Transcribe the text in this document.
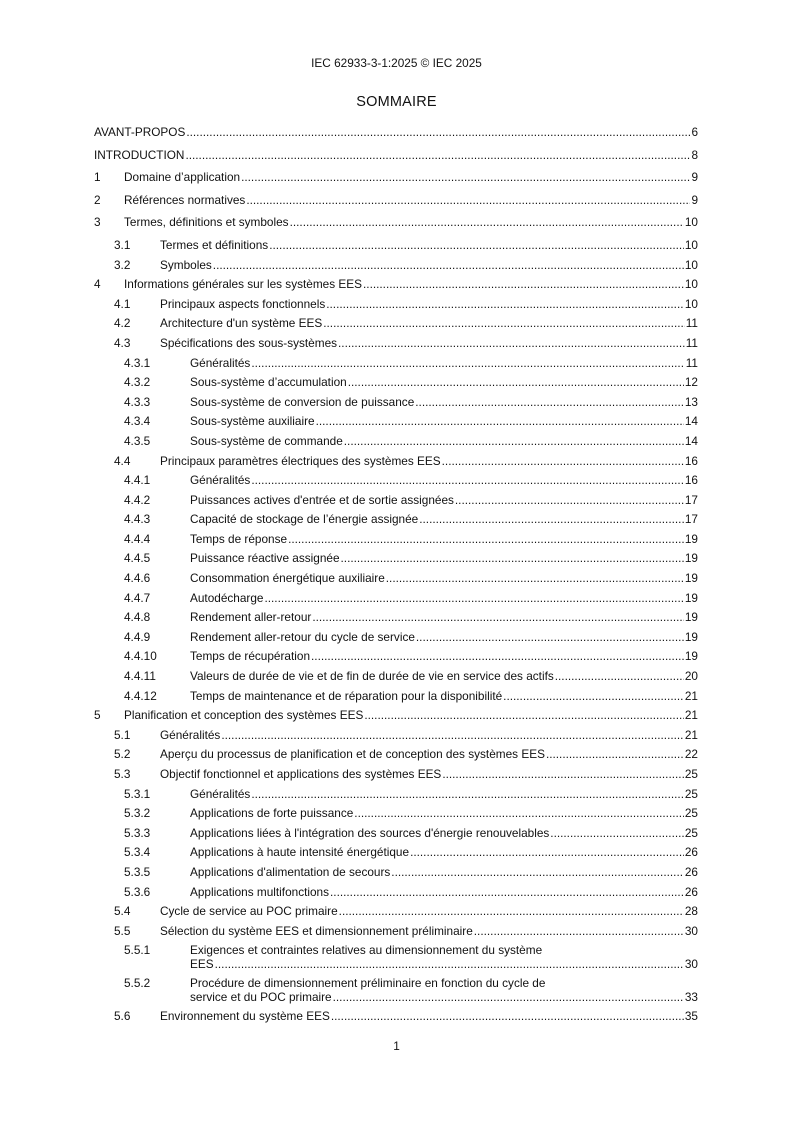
IEC 62933-3-1:2025 © IEC 2025
SOMMAIRE
AVANT-PROPOS .....	6
INTRODUCTION .....	8
1 Domaine d’application .....	9
2 Références normatives .....	9
3 Termes, définitions et symboles .....	10
3.1	Termes et définitions .....	10
3.2	Symboles .....	10
4 Informations générales sur les systèmes EES .....	10
4.1	Principaux aspects fonctionnels .....	10
4.2	Architecture d'un système EES .....	11
4.3	Spécifications des sous-systèmes .....	11
4.3.1	Généralités .....	11
4.3.2	Sous-système d’accumulation .....	12
4.3.3	Sous-système de conversion de puissance .....	13
4.3.4	Sous-système auxiliaire .....	14
4.3.5	Sous-système de commande .....	14
4.4	Principaux paramètres électriques des systèmes EES .....	16
4.4.1	Généralités .....	16
4.4.2	Puissances actives d'entrée et de sortie assignées .....	17
4.4.3	Capacité de stockage de l’énergie assignée .....	17
4.4.4	Temps de réponse .....	19
4.4.5	Puissance réactive assignée .....	19
4.4.6	Consommation énergétique auxiliaire .....	19
4.4.7	Autodécharge .....	19
4.4.8	Rendement aller-retour .....	19
4.4.9	Rendement aller-retour du cycle de service .....	19
4.4.10	Temps de récupération .....	19
4.4.11	Valeurs de durée de vie et de fin de durée de vie en service des actifs .....	20
4.4.12	Temps de maintenance et de réparation pour la disponibilité .....	21
5 Planification et conception des systèmes EES .....	21
5.1	Généralités .....	21
5.2	Aperçu du processus de planification et de conception des systèmes EES .....	22
5.3	Objectif fonctionnel et applications des systèmes EES .....	25
5.3.1	Généralités .....	25
5.3.2	Applications de forte puissance .....	25
5.3.3	Applications liées à l'intégration des sources d'énergie renouvelables .....	25
5.3.4	Applications à haute intensité énergétique .....	26
5.3.5	Applications d'alimentation de secours .....	26
5.3.6	Applications multifonctions .....	26
5.4	Cycle de service au POC primaire .....	28
5.5	Sélection du système EES et dimensionnement préliminaire .....	30
5.5.1	Exigences et contraintes relatives au dimensionnement du système
EES .....	30
5.5.2	Procédure de dimensionnement préliminaire en fonction du cycle de
service et du POC primaire .....	33
5.6	Environnement du système EES .....	35
1
